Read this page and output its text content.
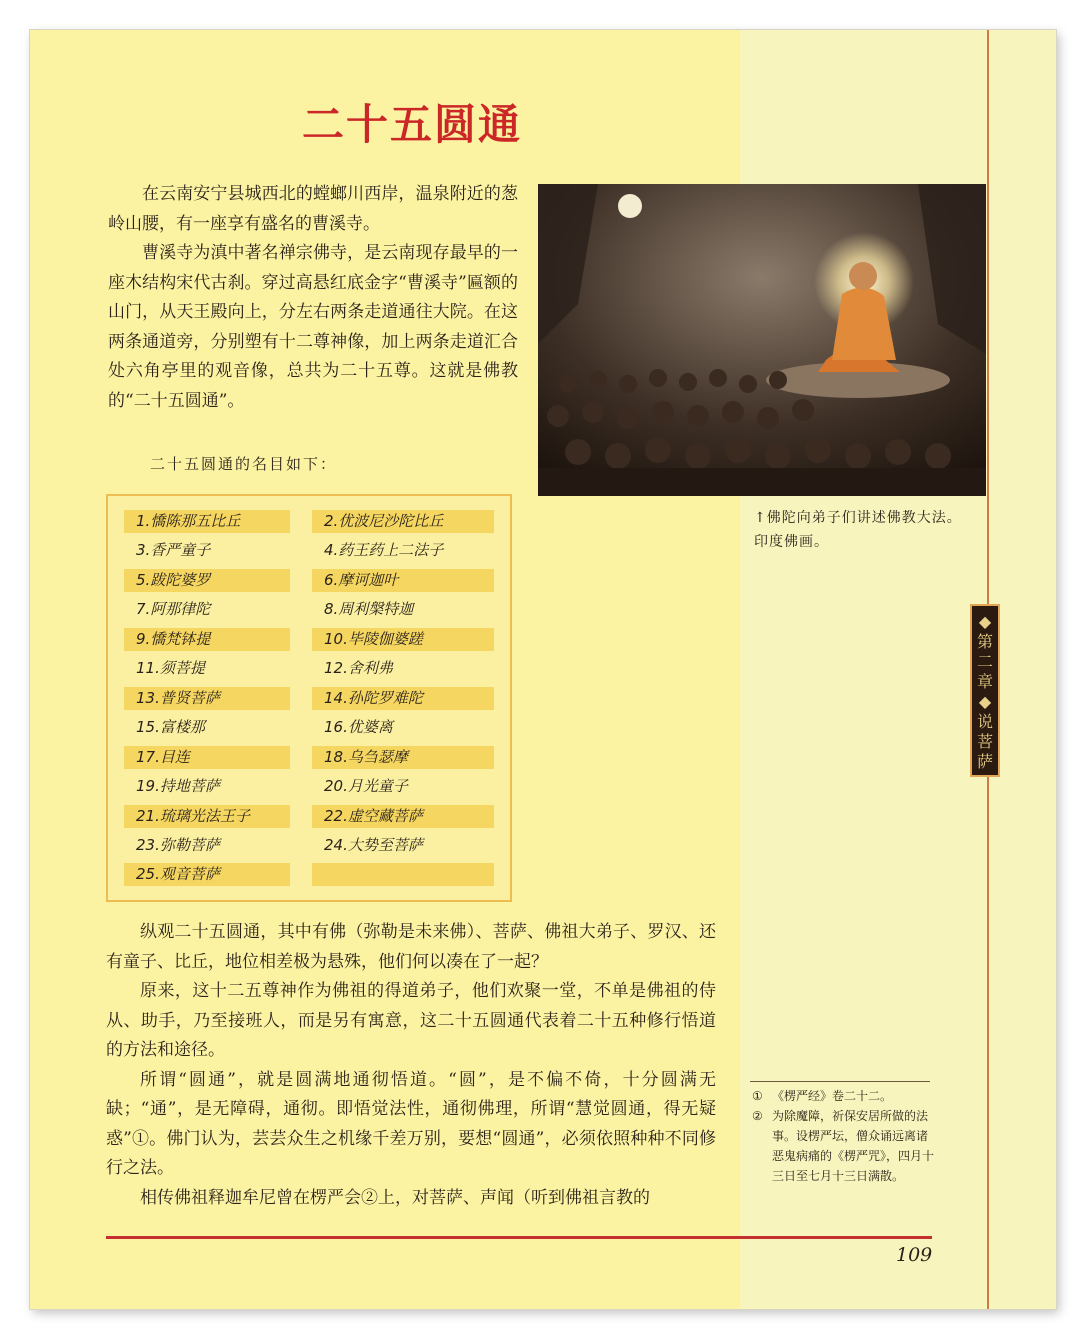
二十五圆通

在云南安宁县城西北的螳螂川西岸，温泉附近的葱岭山腰，有一座享有盛名的曹溪寺。

曹溪寺为滇中著名禅宗佛寺，是云南现存最早的一座木结构宋代古刹。穿过高悬红底金字“曹溪寺”匾额的山门，从天王殿向上，分左右两条走道通往大院。在这两条通道旁，分别塑有十二尊神像，加上两条走道汇合处六角亭里的观音像，总共为二十五尊。这就是佛教的“二十五圆通”。

二十五圆通的名目如下：
↑佛陀向弟子们讲述佛教大法。印度佛画。
1.憍陈那五比丘	2.优波尼沙陀比丘
3.香严童子	4.药王药上二法子
5.跋陀婆罗	6.摩诃迦叶
7.阿那律陀	8.周利槃特迦
9.憍梵钵提	10.毕陵伽婆蹉
11.须菩提	12.舍利弗
13.普贤菩萨	14.孙陀罗难陀
15.富楼那	16.优婆离
17.目连	18.乌刍瑟摩
19.持地菩萨	20.月光童子
21.琉璃光法王子	22.虚空藏菩萨
23.弥勒菩萨	24.大势至菩萨
25.观音菩萨

纵观二十五圆通，其中有佛（弥勒是未来佛）、菩萨、佛祖大弟子、罗汉、还有童子、比丘，地位相差极为悬殊，他们何以凑在了一起？

原来，这十二五尊神作为佛祖的得道弟子，他们欢聚一堂，不单是佛祖的侍从、助手，乃至接班人，而是另有寓意，这二十五圆通代表着二十五种修行悟道的方法和途径。

所谓“圆通”，就是圆满地通彻悟道。“圆”，是不偏不倚，十分圆满无缺；“通”，是无障碍，通彻。即悟觉法性，通彻佛理，所谓“慧觉圆通，得无疑惑”①。佛门认为，芸芸众生之机缘千差万别，要想“圆通”，必须依照种种不同修行之法。

相传佛祖释迦牟尼曾在楞严会②上，对菩萨、声闻（听到佛祖言教的

◆
第
二
章
◆
说
菩
萨
① 《楞严经》卷二十二。
② 为除魔障，祈保安居所做的法事。设楞严坛，僧众诵远离诸恶鬼病痛的《楞严咒》，四月十三日至七月十三日满散。
109
